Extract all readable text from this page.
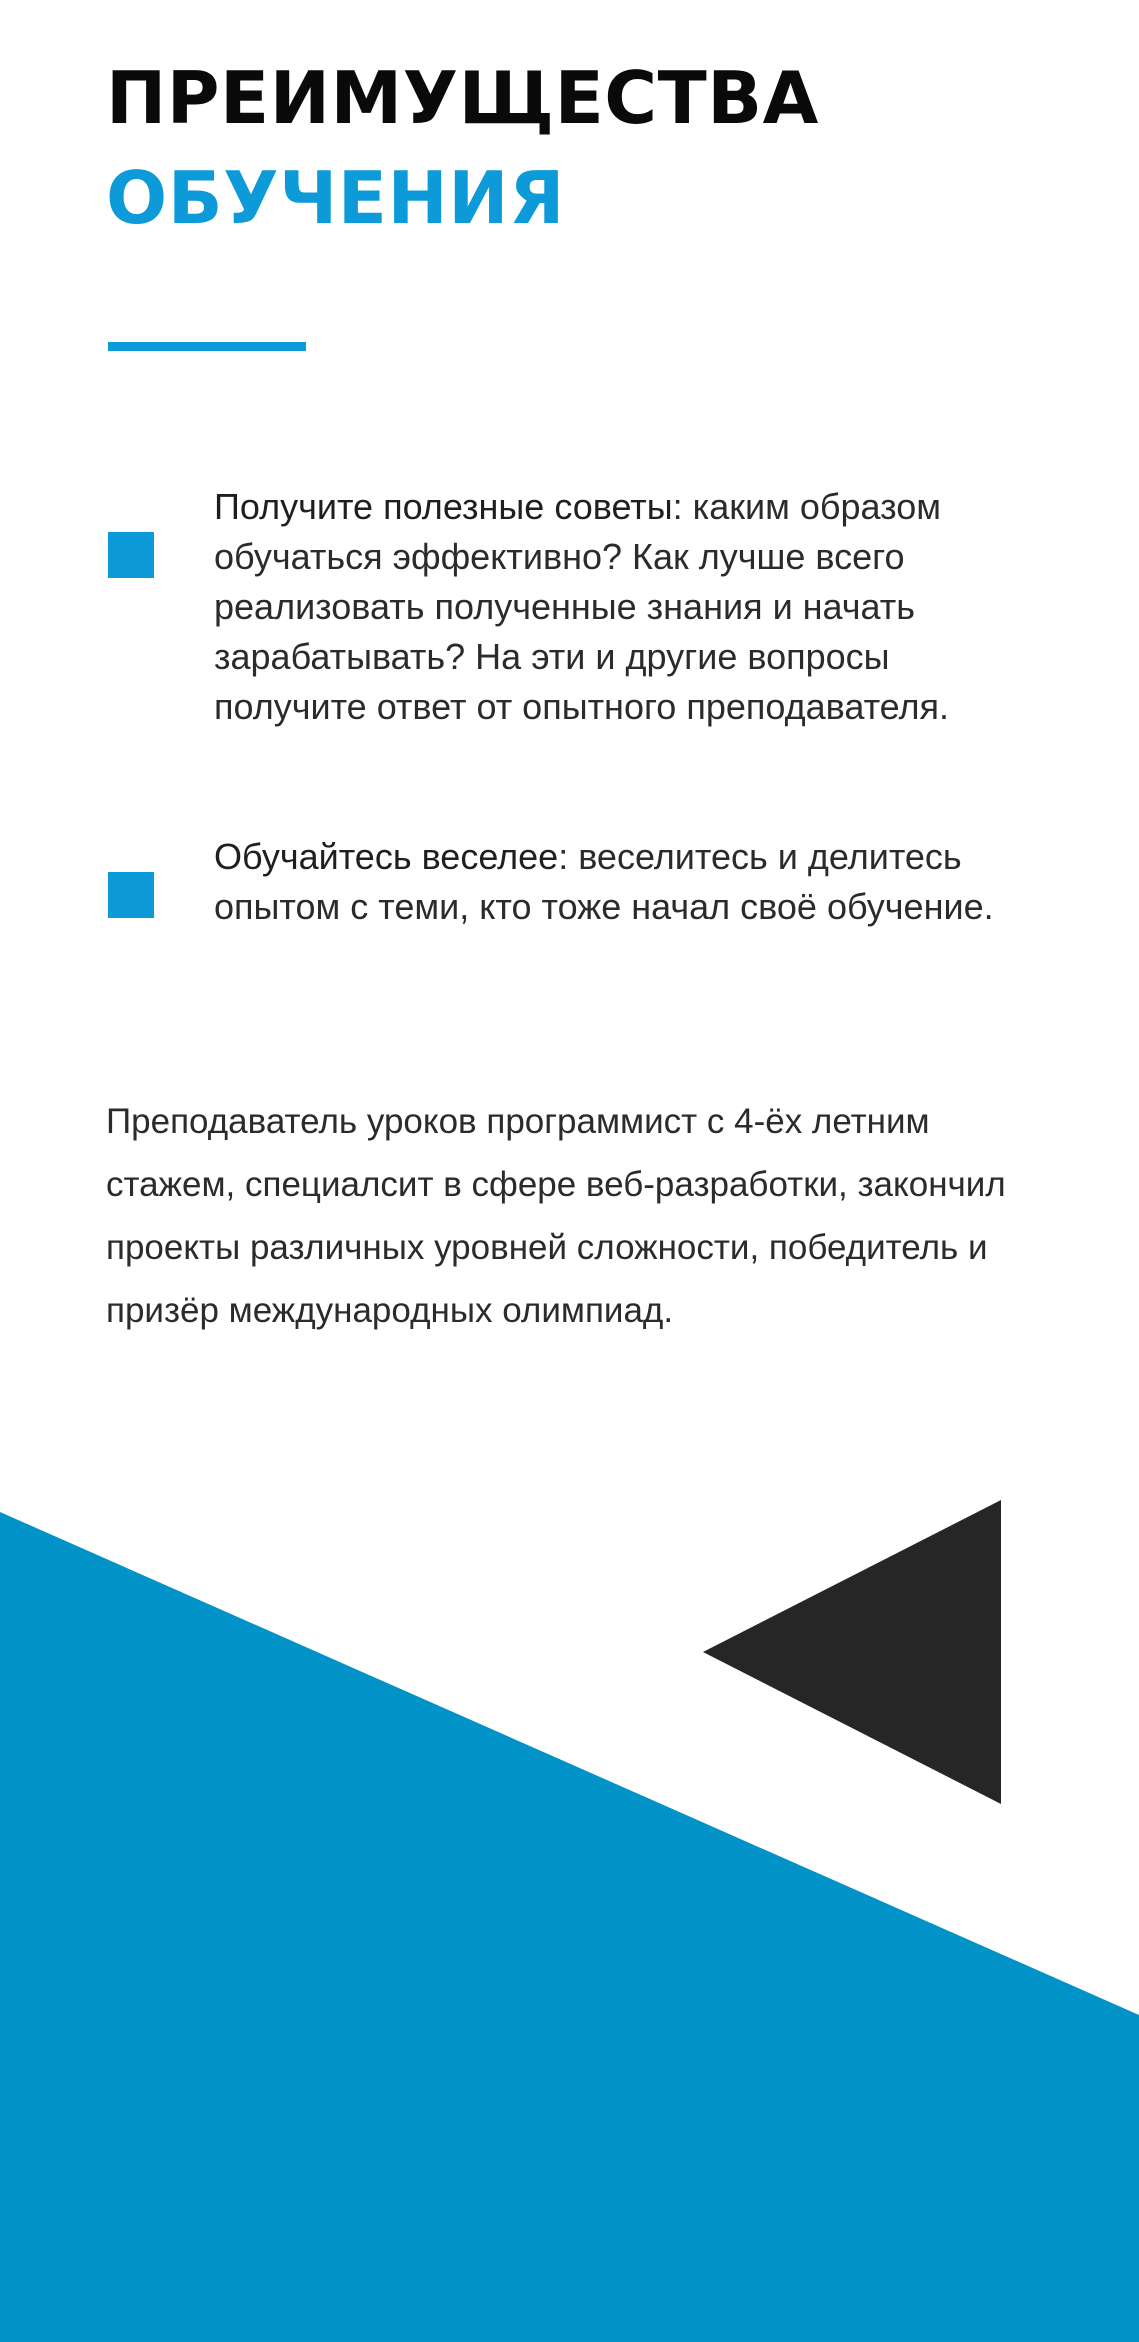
ПРЕИМУЩЕСТВА
ОБУЧЕНИЯ
Получите полезные советы: каким образом обучаться эффективно? Как лучше всего реализовать полученные знания и начать зарабатывать? На эти и другие вопросы получите ответ от опытного преподавателя.
Обучайтесь веселее: веселитесь и делитесь опытом с теми, кто тоже начал своё обучение.

Преподаватель уроков программист с 4-ёх летним стажем, специалсит в сфере веб-разработки, закончил проекты различных уровней сложности, победитель и призёр международных олимпиад.
